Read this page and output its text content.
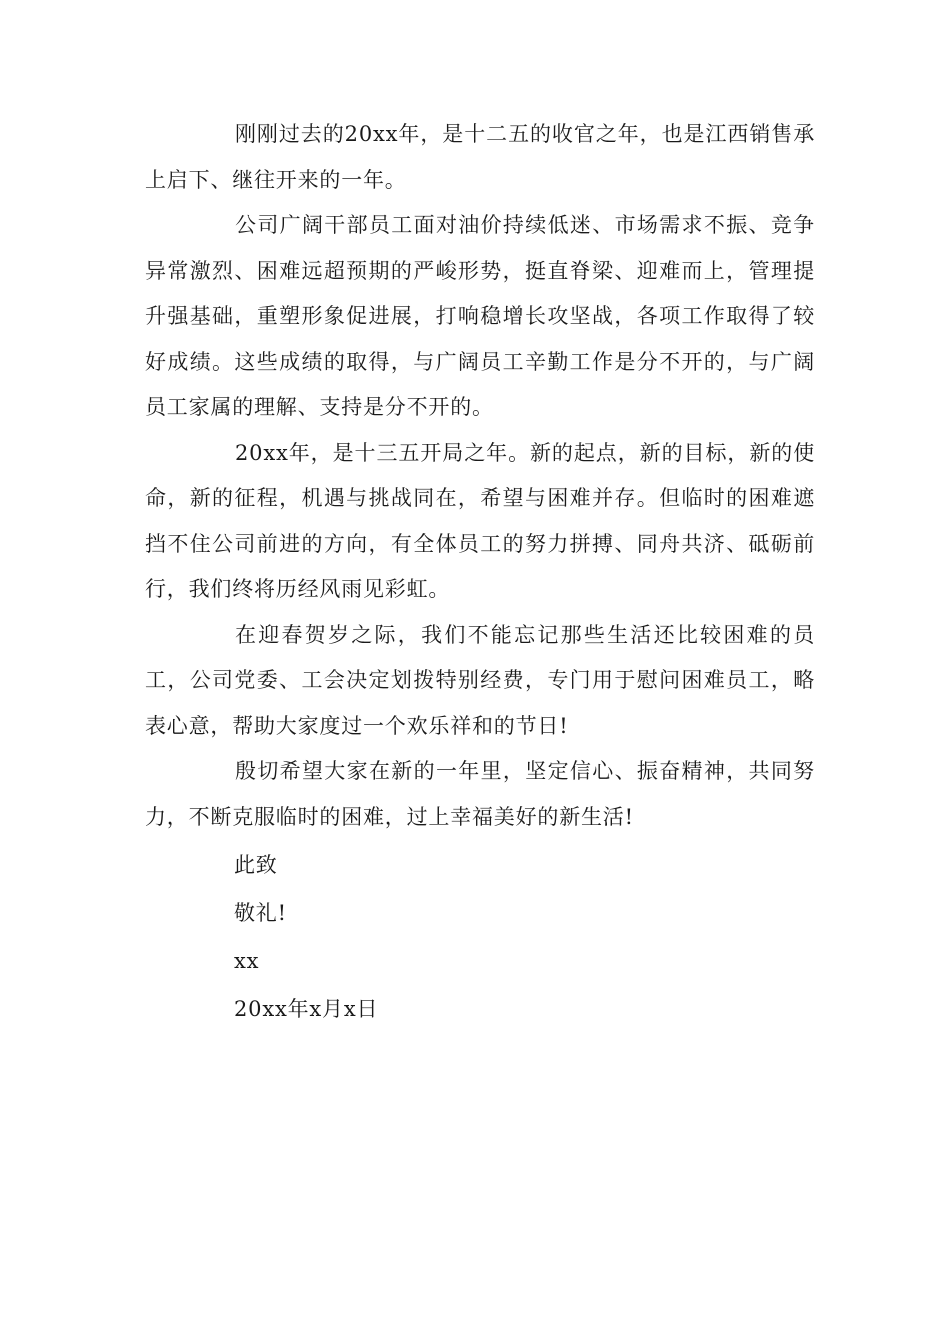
刚刚过去的20xx年，是十二五的收官之年，也是江西销售承上启下、继往开来的一年。

公司广阔干部员工面对油价持续低迷、市场需求不振、竞争异常激烈、困难远超预期的严峻形势，挺直脊梁、迎难而上，管理提升强基础，重塑形象促进展，打响稳增长攻坚战，各项工作取得了较好成绩。这些成绩的取得，与广阔员工辛勤工作是分不开的，与广阔员工家属的理解、支持是分不开的。

20xx年，是十三五开局之年。新的起点，新的目标，新的使命，新的征程，机遇与挑战同在，希望与困难并存。但临时的困难遮挡不住公司前进的方向，有全体员工的努力拼搏、同舟共济、砥砺前行，我们终将历经风雨见彩虹。

在迎春贺岁之际，我们不能忘记那些生活还比较困难的员工，公司党委、工会决定划拨特别经费，专门用于慰问困难员工，略表心意，帮助大家度过一个欢乐祥和的节日!

殷切希望大家在新的一年里，坚定信心、振奋精神，共同努力，不断克服临时的困难，过上幸福美好的新生活!

此致

敬礼!

xx

20xx年x月x日
